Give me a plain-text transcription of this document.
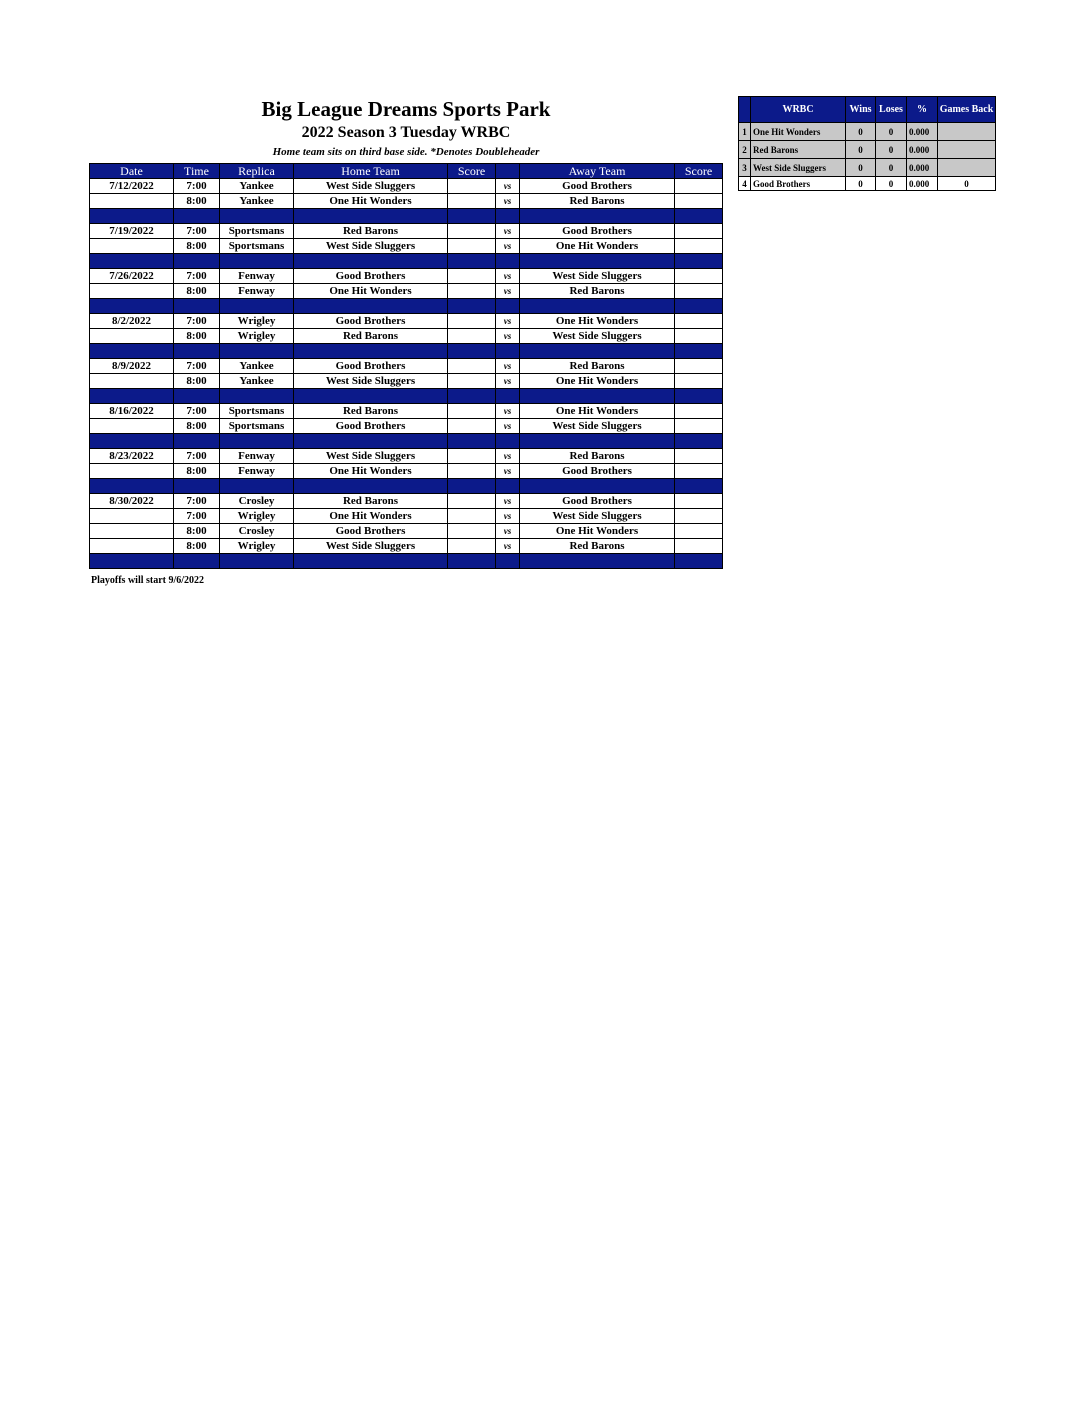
Big League Dreams Sports Park
2022 Season 3 Tuesday WRBC
Home team sits on third base side. *Denotes Doubleheader
Date	Time	Replica	Home Team	Score		Away Team	Score
7/12/2022	7:00	Yankee	West Side Sluggers		vs	Good Brothers	
	8:00	Yankee	One Hit Wonders		vs	Red Barons	

7/19/2022	7:00	Sportsmans	Red Barons		vs	Good Brothers	
	8:00	Sportsmans	West Side Sluggers		vs	One Hit Wonders	

7/26/2022	7:00	Fenway	Good Brothers		vs	West Side Sluggers	
	8:00	Fenway	One Hit Wonders		vs	Red Barons	

8/2/2022	7:00	Wrigley	Good Brothers		vs	One Hit Wonders	
	8:00	Wrigley	Red Barons		vs	West Side Sluggers	

8/9/2022	7:00	Yankee	Good Brothers		vs	Red Barons	
	8:00	Yankee	West Side Sluggers		vs	One Hit Wonders	

8/16/2022	7:00	Sportsmans	Red Barons		vs	One Hit Wonders	
	8:00	Sportsmans	Good Brothers		vs	West Side Sluggers	

8/23/2022	7:00	Fenway	West Side Sluggers		vs	Red Barons	
	8:00	Fenway	One Hit Wonders		vs	Good Brothers	

8/30/2022	7:00	Crosley	Red Barons		vs	Good Brothers	
	7:00	Wrigley	One Hit Wonders		vs	West Side Sluggers	
	8:00	Crosley	Good Brothers		vs	One Hit Wonders	
	8:00	Wrigley	West Side Sluggers		vs	Red Barons	

Playoffs will start 9/6/2022
	WRBC	Wins	Loses	%	Games Back
1	One Hit Wonders	0	0	0.000	
2	Red Barons	0	0	0.000	
3	West Side Sluggers	0	0	0.000	
4	Good Brothers	0	0	0.000	0
